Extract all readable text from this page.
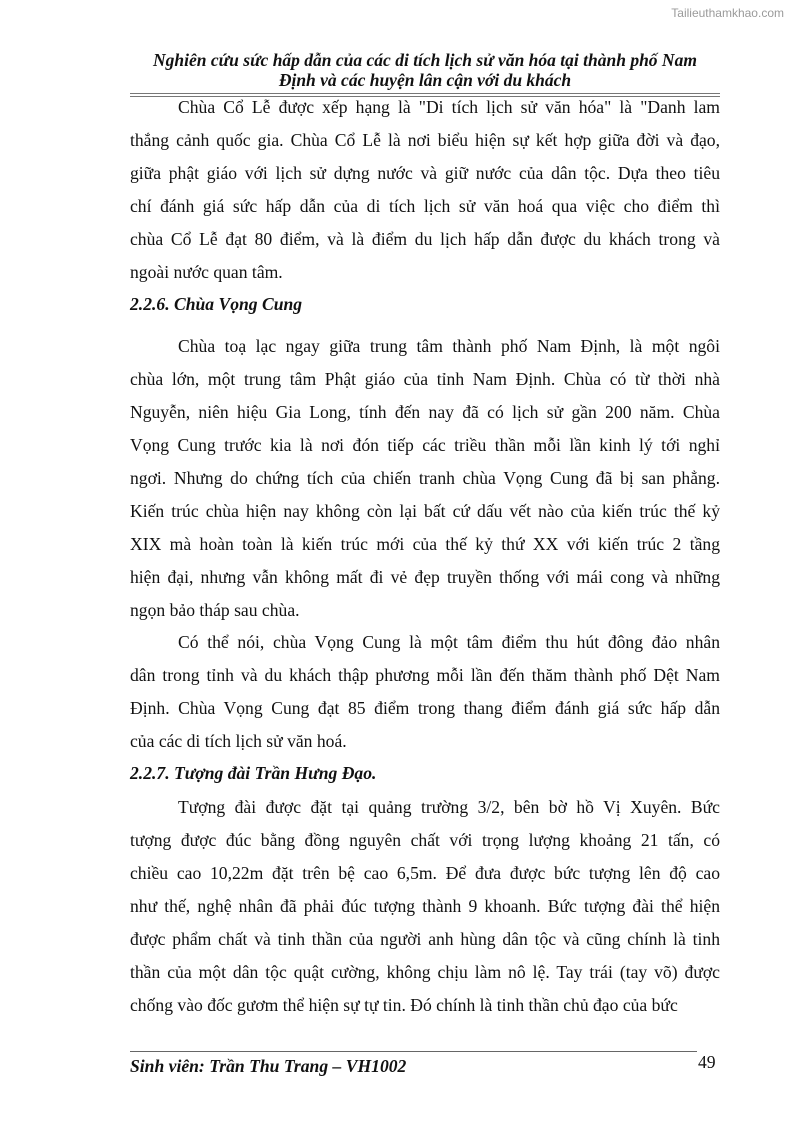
Tailieuthamkhao.com
Nghiên cứu sức hấp dẫn của các di tích lịch sử văn hóa tại thành phố Nam
Định và các huyện lân cận với du khách
Chùa Cổ Lễ được xếp hạng là "Di tích lịch sử văn hóa" là "Danh lam
thắng cảnh quốc gia. Chùa Cổ Lễ là nơi biểu hiện sự kết hợp giữa đời và đạo,
giữa phật giáo với lịch sử dựng nước và giữ nước của dân tộc. Dựa theo tiêu
chí đánh giá sức hấp dẫn của di tích lịch sử văn hoá qua việc cho điểm thì
chùa Cổ Lễ đạt 80 điểm, và là điểm du lịch hấp dẫn được du khách trong và
ngoài nước quan tâm.
2.2.6. Chùa Vọng Cung
Chùa toạ lạc ngay giữa trung tâm thành phố Nam Định, là một ngôi
chùa lớn, một trung tâm Phật giáo của tỉnh Nam Định. Chùa có từ thời nhà
Nguyễn, niên hiệu Gia Long, tính đến nay đã có lịch sử gần 200 năm. Chùa
Vọng Cung trước kia là nơi đón tiếp các triều thần mỗi lần kinh lý tới nghỉ
ngơi. Nhưng do chứng tích của chiến tranh chùa Vọng Cung đã bị san phẳng.
Kiến trúc chùa hiện nay không còn lại bất cứ dấu vết nào của kiến trúc thế kỷ
XIX mà hoàn toàn là kiến trúc mới của thế kỷ thứ XX với kiến trúc 2 tầng
hiện đại, nhưng vẫn không mất đi vẻ đẹp truyền thống với mái cong và những
ngọn bảo tháp sau chùa.
Có thể nói, chùa Vọng Cung là một tâm điểm thu hút đông đảo nhân
dân trong tỉnh và du khách thập phương mỗi lần đến thăm thành phố Dệt Nam
Định. Chùa Vọng Cung đạt 85 điểm trong thang điểm đánh giá sức hấp dẫn
của các di tích lịch sử văn hoá.
2.2.7. Tượng đài Trần Hưng Đạo.
Tượng đài được đặt tại quảng trường 3/2, bên bờ hồ Vị Xuyên. Bức
tượng được đúc bằng đồng nguyên chất với trọng lượng khoảng 21 tấn, có
chiều cao 10,22m đặt trên bệ cao 6,5m. Để đưa được bức tượng lên độ cao
như thế, nghệ nhân đã phải đúc tượng thành 9 khoanh. Bức tượng đài thể hiện
được phẩm chất và tinh thần của người anh hùng dân tộc và cũng chính là tinh
thần của một dân tộc quật cường, không chịu làm nô lệ. Tay trái (tay võ) được
chống vào đốc gươm thể hiện sự tự tin. Đó chính là tinh thần chủ đạo của bức
Sinh viên: Trần Thu Trang – VH1002	49
